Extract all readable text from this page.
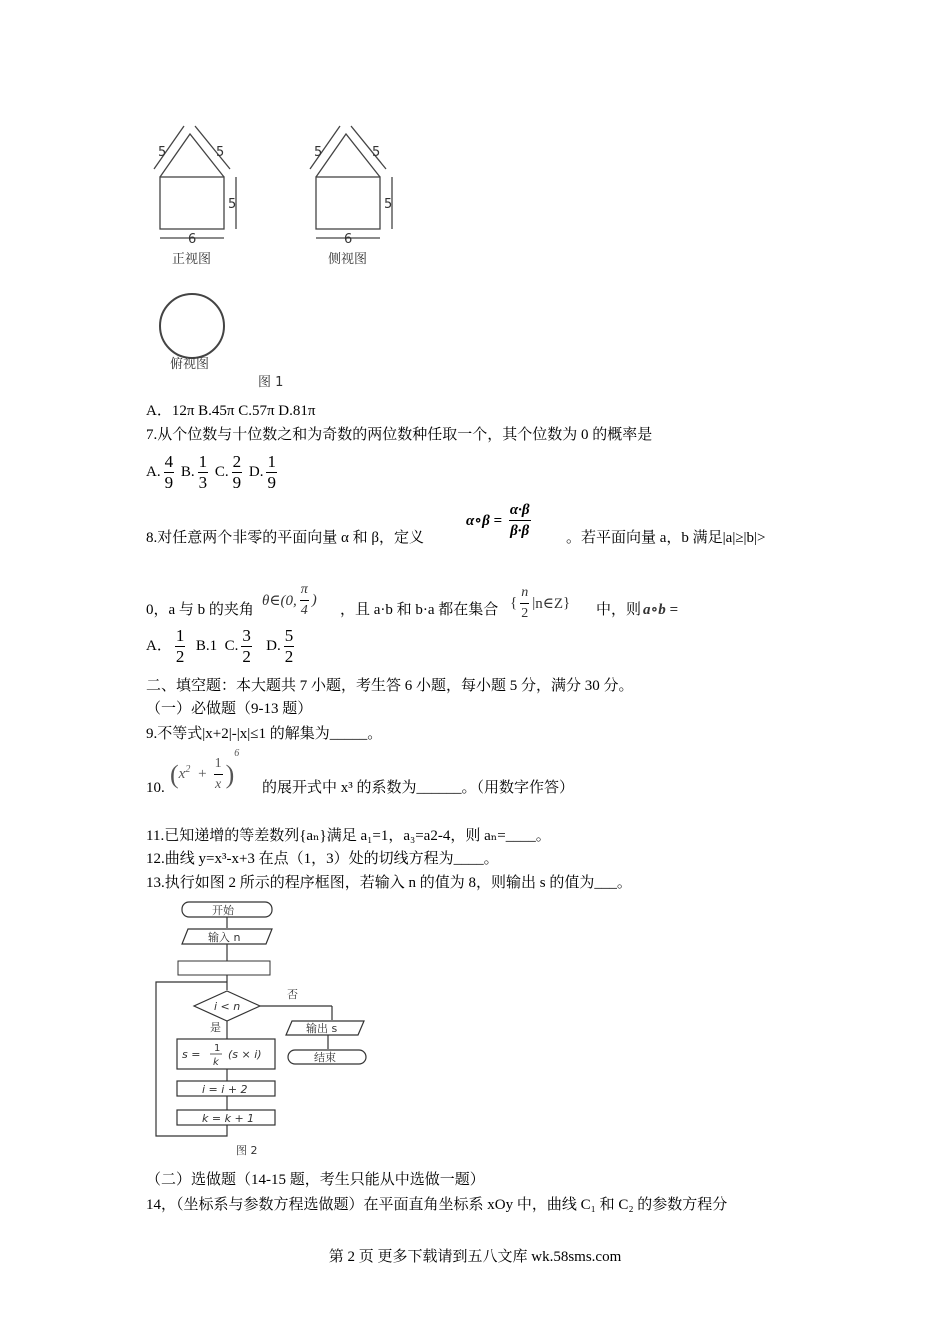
5	5
5
6
5	5
5
6
正视图	侧视图
俯视图
图 1
A．12π B.45π C.57π D.81π
7.从个位数与十位数之和为奇数的两位数种任取一个，其个位数为 0 的概率是
A. $\frac{4}{9} B$. $\frac{1}{3} C$. $\frac{2}{9} D$. $\frac{1}{9}$
8.对任意两个非零的平面向量 α 和 β，定义
α∘β = $\frac{\alpha\cdot\beta}{\beta\cdot\beta}$ 。若平面向量 a，b 满足|a|≥|b|>
0，a 与 b 的夹角
θ∈(0, $\frac{\pi}{4}$ )
，且 a·b 和 b·a 都在集合 { $\frac{n}{2}$ |n∈Z} 中，则 a∘b =
A． $\frac{1}{2} B.1$ C. $\frac{3}{2} D$. $\frac{5}{2}$
二、填空题：本大题共 7 小题，考生答 6 小题，每小题 5 分，满分 30 分。
（一）必做题（9-13 题）
9.不等式|x+2|-|x|≤1 的解集为_____。
10. $(x^2 + \frac{1}{x} )^6$
的展开式中 x³ 的系数为______。（用数字作答）
11.已知递增的等差数列{aₙ}满足 a₁=1，a₃=a2-4，则 aₙ=____。
12.曲线 y=x³-x+3 在点（1，3）处的切线方程为____。
13.执行如图 2 所示的程序框图，若输入 n 的值为 8，则输出 s 的值为___。
开始
输入 n
i < n
否
是
s = 1
k
(s × i)
i = i + 2
k = k + 1
输出 s
结束
图 2
（二）选做题（14-15 题，考生只能从中选做一题）
14，（坐标系与参数方程选做题）在平面直角坐标系 xOy 中，曲线 C₁ 和 C₂ 的参数方程分
第 2 页 更多下载请到五八文库 wk.58sms.com
